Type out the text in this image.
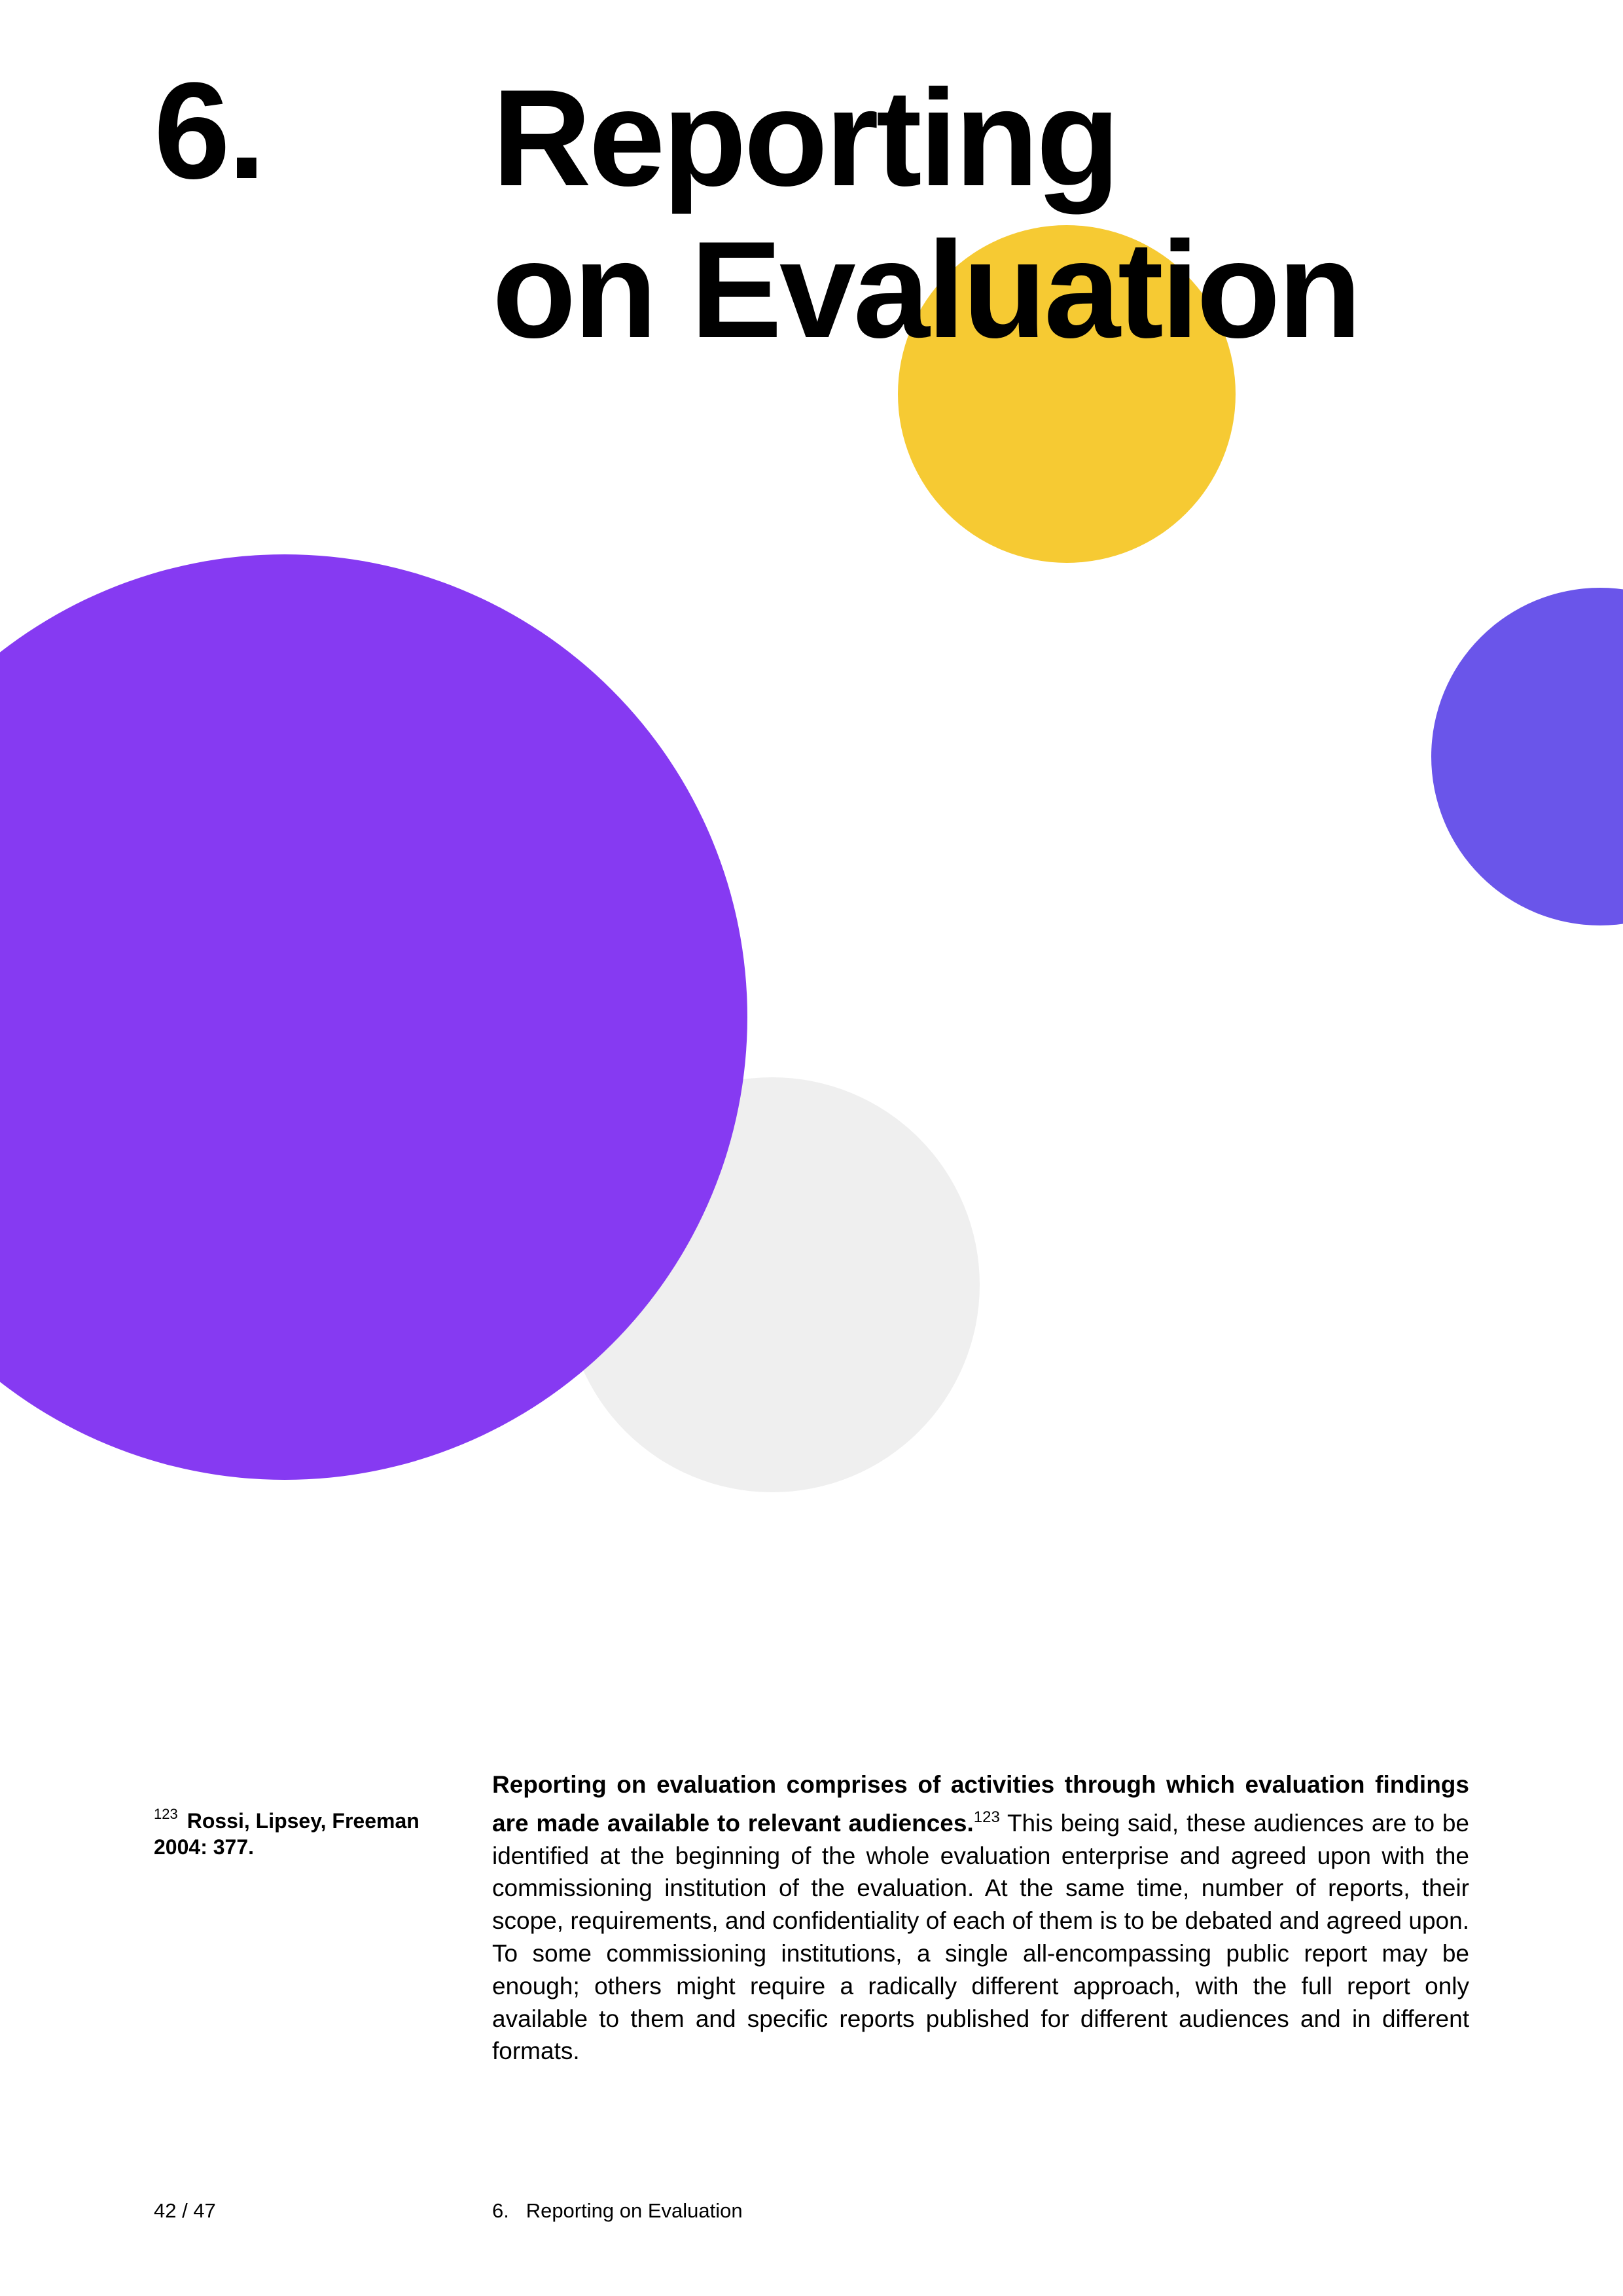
6. Reporting
on Evaluation
$^{123}$ Rossi, Lipsey, Freeman 2004: 377.

Reporting on evaluation comprises of activities through which evaluation findings are made available to relevant audiences.$^{123}$ This being said, these audiences are to be identified at the beginning of the whole evaluation enterprise and agreed upon with the commissioning institution of the evaluation. At the same time, number of reports, their scope, requirements, and confidentiality of each of them is to be debated and agreed upon. To some commissioning institutions, a single all-encompassing public report may be enough; others might require a radically different approach, with the full report only available to them and specific reports published for different audiences and in different formats.

42 / 47	6.   Reporting on Evaluation
